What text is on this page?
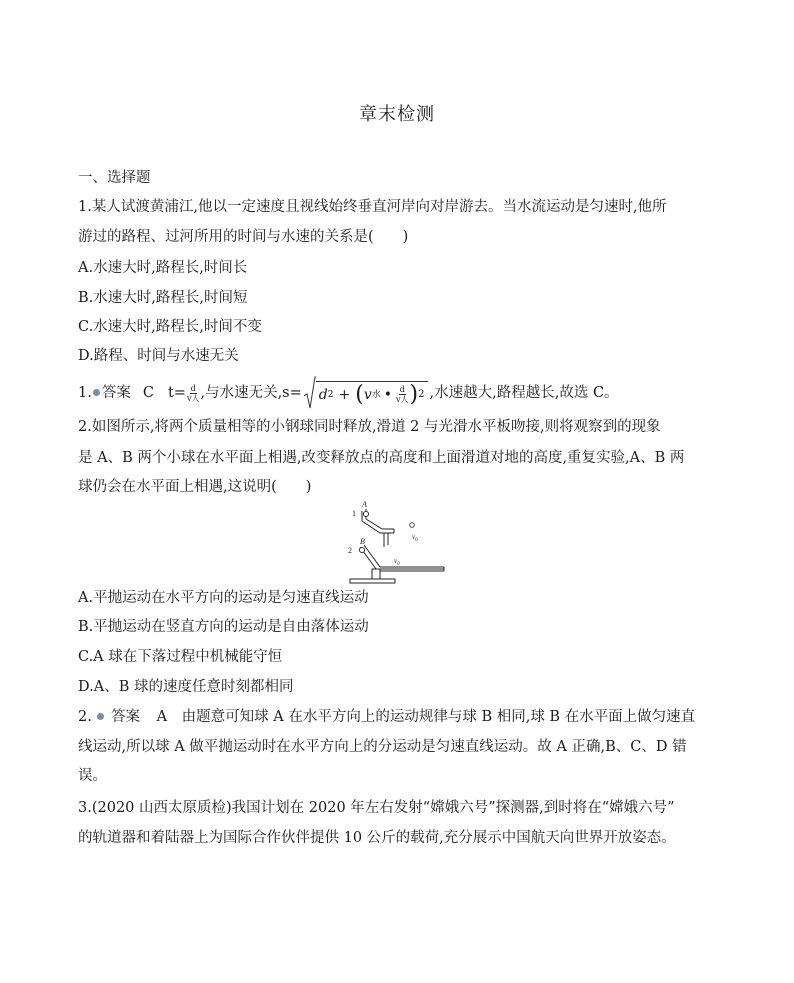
章末检测
一、选择题
1.某人试渡黄浦江,他以一定速度且视线始终垂直河岸向对岸游去。当水流运动是匀速时,他所
游过的路程、过河所用的时间与水速的关系是(　　)
A.水速大时,路程长,时间长
B.水速大时,路程长,时间短
C.水速大时,路程长,时间不变
D.路程、时间与水速无关
1. 答案 C $t= \frac{d}{\text{v人}}$ ,与水速无关,s= d 2 + ( v 水 • $\frac{d}{\text{v人}}$ ) 2 ,水速越大,路程越长,故选 C。
2.如图所示,将两个质量相等的小钢球同时释放,滑道 2 与光滑水平板吻接,则将观察到的现象
是 A、B 两个小球在水平面上相遇,改变释放点的高度和上面滑道对地的高度,重复实验,A、B 两
球仍会在水平面上相遇,这说明(　　)
A
1
$v_0$
B
2
$v_0$
A.平抛运动在水平方向的运动是匀速直线运动
B.平抛运动在竖直方向的运动是自由落体运动
C.A 球在下落过程中机械能守恒
D.A、B 球的速度任意时刻都相同
2. 答案 A　由题意可知球 A 在水平方向上的运动规律与球 B 相同,球 B 在水平面上做匀速直
线运动,所以球 A 做平抛运动时在水平方向上的分运动是匀速直线运动。故 A 正确,B、C、D 错
误。
3.(2020 山西太原质检)我国计划在 2020 年左右发射“嫦娥六号”探测器,到时将在“嫦娥六号”
的轨道器和着陆器上为国际合作伙伴提供 10 公斤的载荷,充分展示中国航天向世界开放姿态。
